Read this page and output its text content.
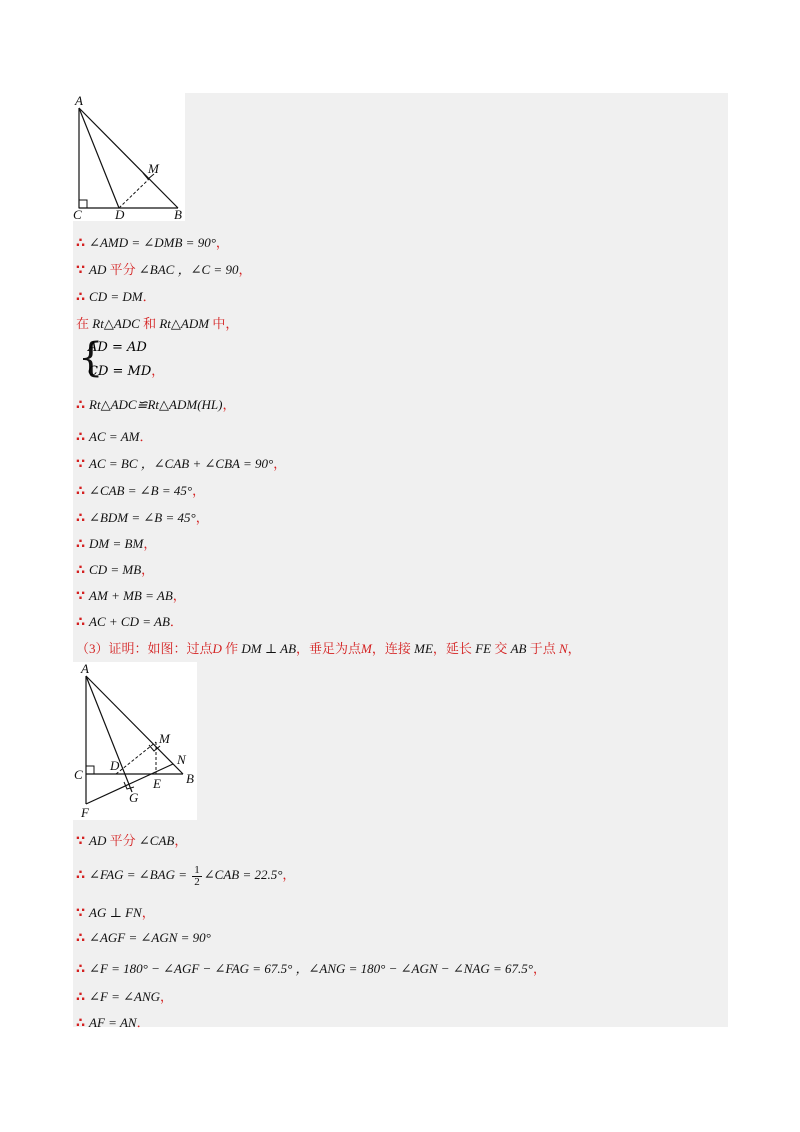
A
M
C	D	B
∴ ∠AMD = ∠DMB = 90°，
∵ AD 平分 ∠BAC ，∠C = 90，
∴ CD = DM．
在 Rt△ADC 和 Rt△ADM 中，
{
AD = AD
CD = MD，
∴ Rt△ADC≌Rt△ADM(HL)，
∴ AC = AM．
∵ AC = BC ，∠CAB + ∠CBA = 90°，
∴ ∠CAB = ∠B = 45°，
∴ ∠BDM = ∠B = 45°，
∴ DM = BM，
∴ CD = MB，
∵ AM + MB = AB，
∴ AC + CD = AB．
（3）证明：如图：过点D 作 DM ⊥ AB，垂足为点M，连接 ME，延长 FE 交 AB 于点 N，
A
M
N
C
D
B
E
G
F
∵ AD 平分 ∠CAB，
∴ ∠FAG = ∠BAG = $\frac{1}{2}$ ∠CAB = 22.5°，
∵ AG ⊥ FN，
∴ ∠AGF = ∠AGN = 90°
∴ ∠F = 180° − ∠AGF − ∠FAG = 67.5° ，∠ANG = 180° − ∠AGN − ∠NAG = 67.5°，
∴ ∠F = ∠ANG，
∴ AF = AN．
